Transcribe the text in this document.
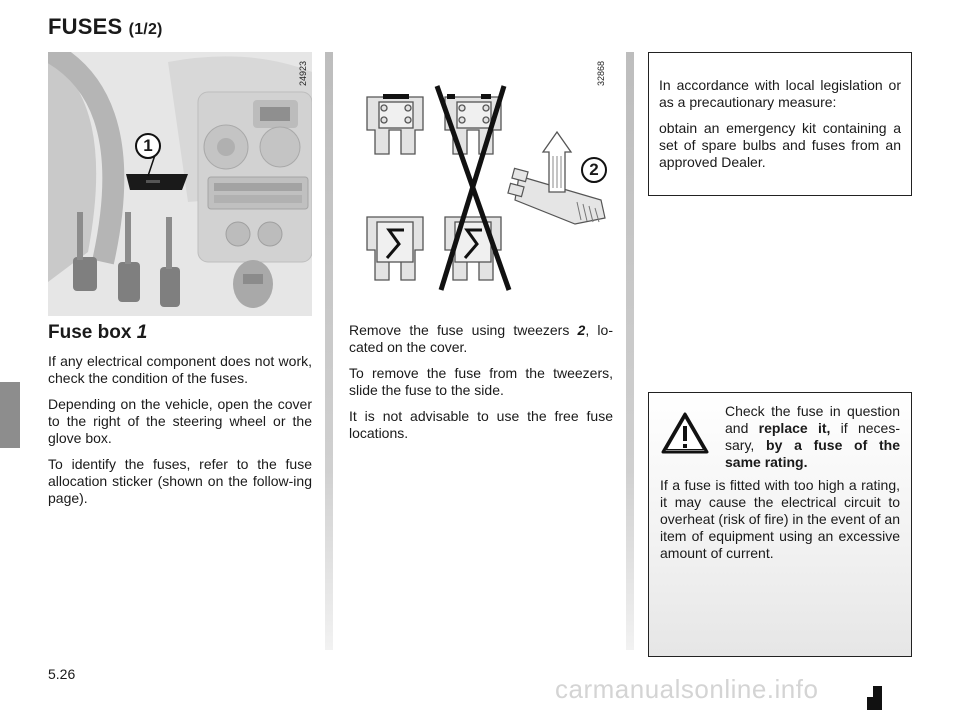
FUSES (1/2)
1
24923
2
32868
Fuse box 1

If any electrical component does not work, check the condition of the fuses.

Depending on the vehicle, open the cover to the right of the steering wheel or the glove box.

To identify the fuses, refer to the fuse allocation sticker (shown on the follow-ing page).

Remove the fuse using tweezers 2, lo-cated on the cover.

To remove the fuse from the tweezers, slide the fuse to the side.

It is not advisable to use the free fuse locations.

In accordance with local legislation or as a precautionary measure:

obtain an emergency kit containing a set of spare bulbs and fuses from an approved Dealer.

Check the fuse in question and replace it, if neces-sary, by a fuse of the same rating.

If a fuse is fitted with too high a rating, it may cause the electrical circuit to overheat (risk of fire) in the event of an item of equipment using an excessive amount of current.

5.26	carmanualsonline.info
